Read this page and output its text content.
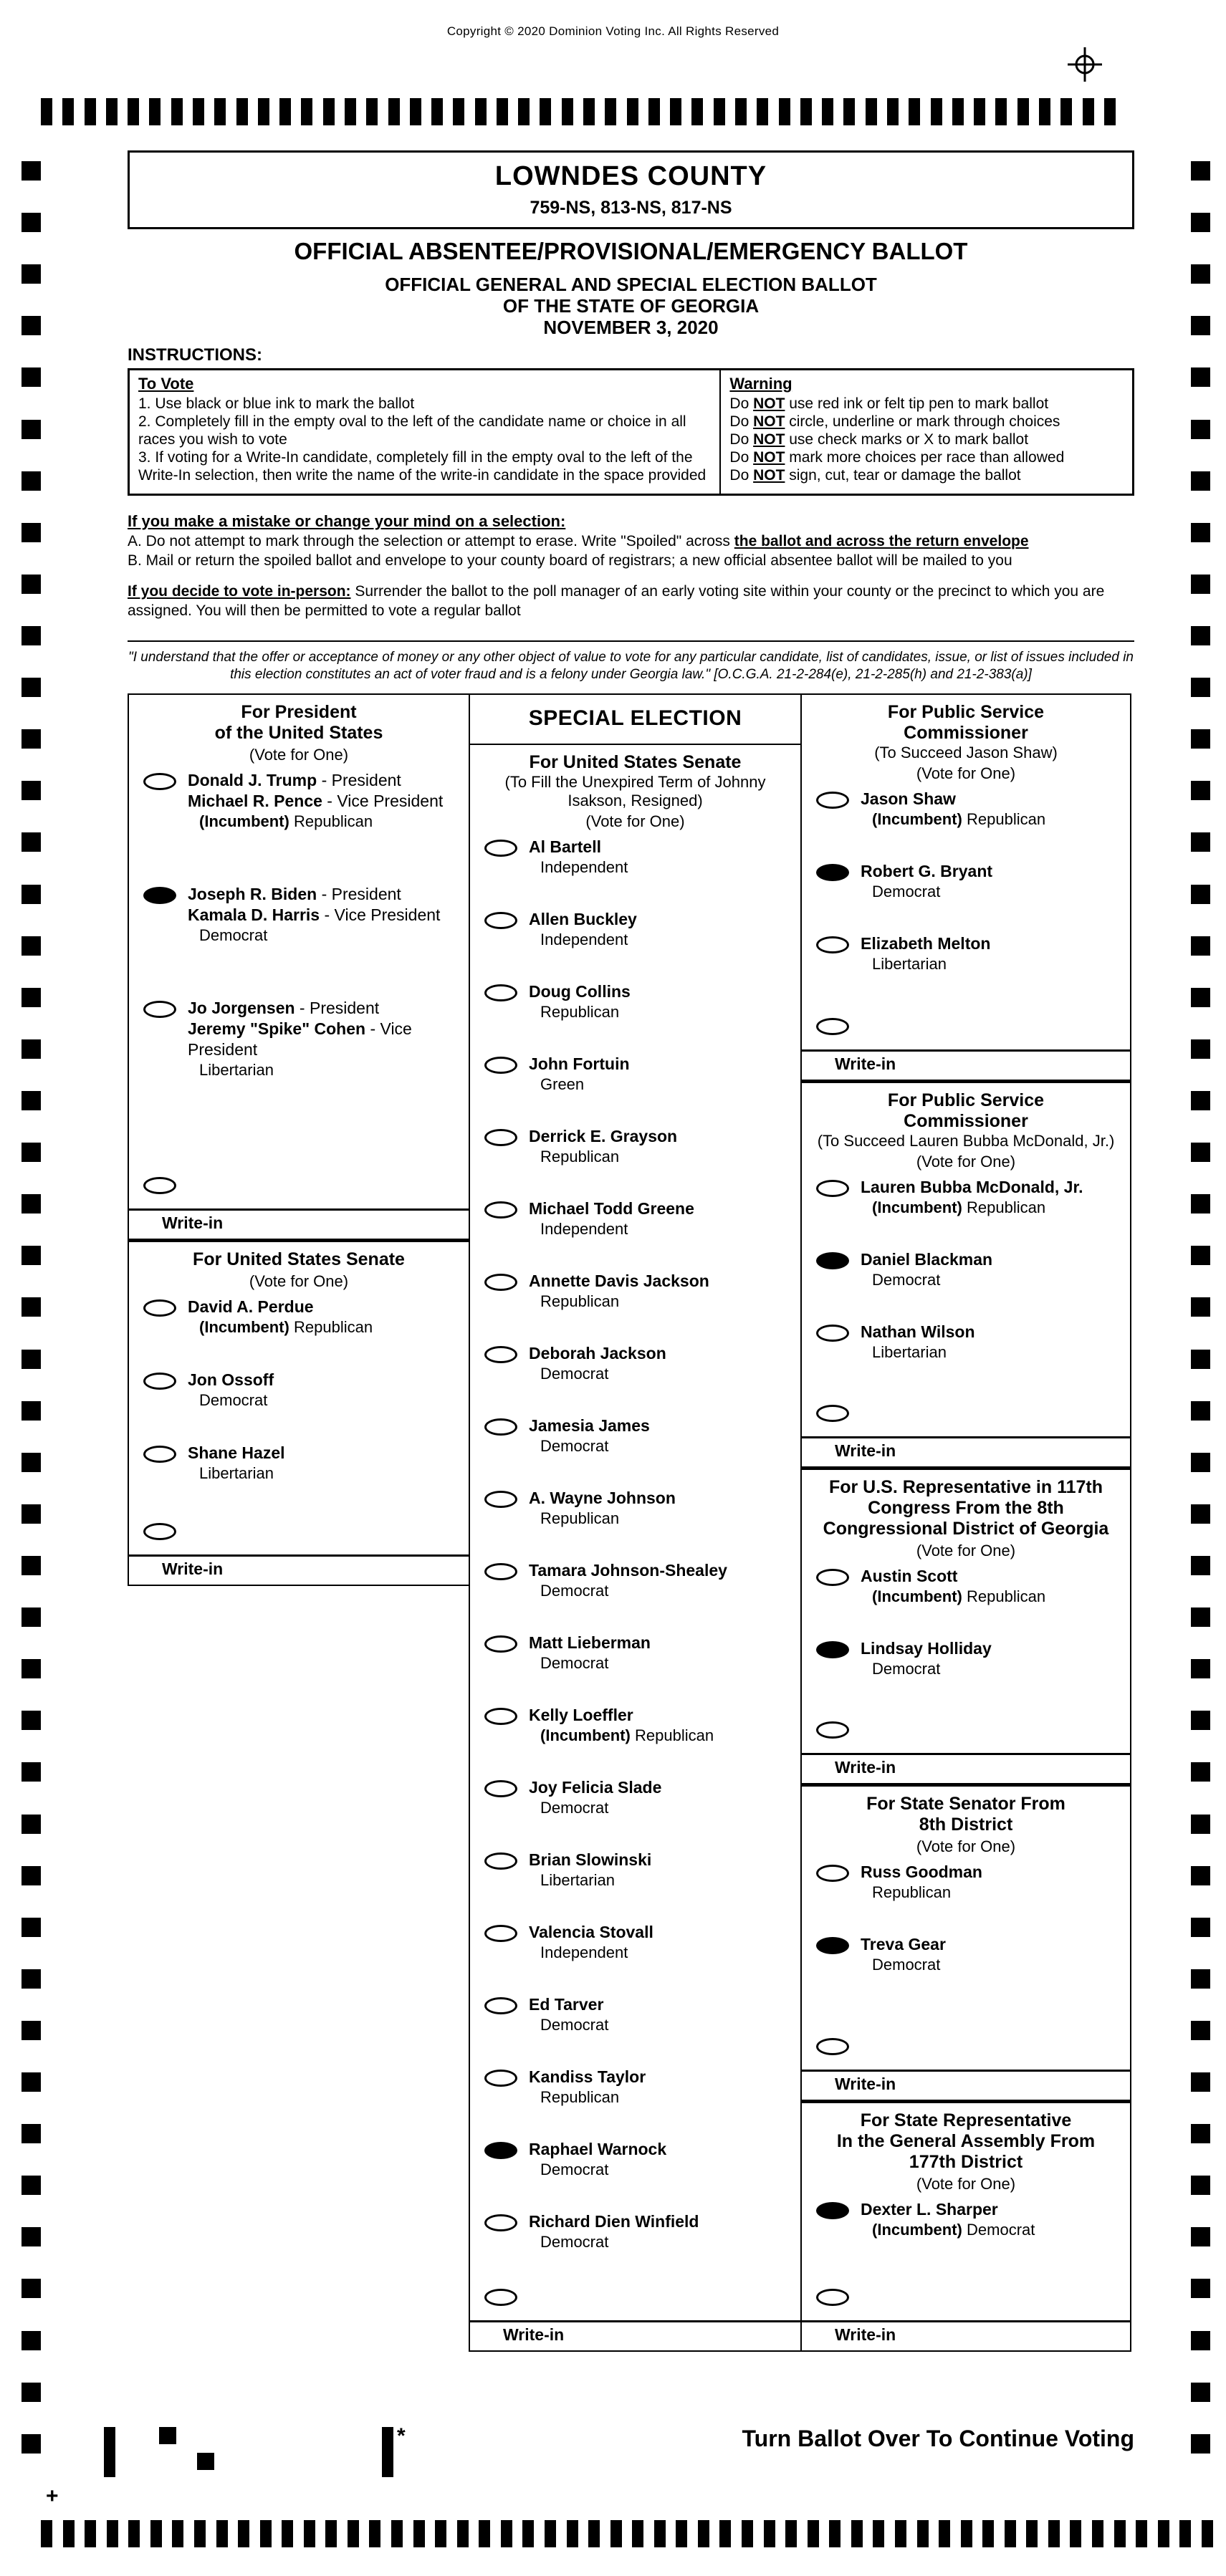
Copyright © 2020 Dominion Voting Inc. All Rights Reserved
LOWNDES COUNTY
759-NS, 813-NS, 817-NS
OFFICIAL ABSENTEE/PROVISIONAL/EMERGENCY BALLOT
OFFICIAL GENERAL AND SPECIAL ELECTION BALLOT
OF THE STATE OF GEORGIA
NOVEMBER 3, 2020
INSTRUCTIONS:
To Vote
1. Use black or blue ink to mark the ballot
2. Completely fill in the empty oval to the left of the candidate name or choice in all races you wish to vote
3. If voting for a Write-In candidate, completely fill in the empty oval to the left of the Write-In selection, then write the name of the write-in candidate in the space provided
Warning
Do NOT use red ink or felt tip pen to mark ballot
Do NOT circle, underline or mark through choices
Do NOT use check marks or X to mark ballot
Do NOT mark more choices per race than allowed
Do NOT sign, cut, tear or damage the ballot
If you make a mistake or change your mind on a selection:
A. Do not attempt to mark through the selection or attempt to erase. Write "Spoiled" across the ballot and across the return envelope
B. Mail or return the spoiled ballot and envelope to your county board of registrars; a new official absentee ballot will be mailed to you
If you decide to vote in-person: Surrender the ballot to the poll manager of an early voting site within your county or the precinct to which you are assigned. You will then be permitted to vote a regular ballot
"I understand that the offer or acceptance of money or any other object of value to vote for any particular candidate, list of candidates, issue, or list of issues included in this election constitutes an act of voter fraud and is a felony under Georgia law." [O.C.G.A. 21-2-284(e), 21-2-285(h) and 21-2-383(a)]
For President
of the United States
(Vote for One)
Donald J. Trump - President
Michael R. Pence - Vice President
(Incumbent) Republican
Joseph R. Biden - President
Kamala D. Harris - Vice President
Democrat
Jo Jorgensen - President
Jeremy "Spike" Cohen - Vice President
Libertarian
Write-in
For United States Senate
(Vote for One)
David A. Perdue
(Incumbent) Republican
Jon Ossoff
Democrat
Shane Hazel
Libertarian
Write-in
SPECIAL ELECTION
For United States Senate
(To Fill the Unexpired Term of Johnny
Isakson, Resigned)
(Vote for One)
Al Bartell
Independent
Allen Buckley
Independent
Doug Collins
Republican
John Fortuin
Green
Derrick E. Grayson
Republican
Michael Todd Greene
Independent
Annette Davis Jackson
Republican
Deborah Jackson
Democrat
Jamesia James
Democrat
A. Wayne Johnson
Republican
Tamara Johnson-Shealey
Democrat
Matt Lieberman
Democrat
Kelly Loeffler
(Incumbent) Republican
Joy Felicia Slade
Democrat
Brian Slowinski
Libertarian
Valencia Stovall
Independent
Ed Tarver
Democrat
Kandiss Taylor
Republican
Raphael Warnock
Democrat
Richard Dien Winfield
Democrat
Write-in
For Public Service
Commissioner
(To Succeed Jason Shaw)
(Vote for One)
Jason Shaw
(Incumbent) Republican
Robert G. Bryant
Democrat
Elizabeth Melton
Libertarian
Write-in
For Public Service
Commissioner
(To Succeed Lauren Bubba McDonald, Jr.)
(Vote for One)
Lauren Bubba McDonald, Jr.
(Incumbent) Republican
Daniel Blackman
Democrat
Nathan Wilson
Libertarian
Write-in
For U.S. Representative in 117th
Congress From the 8th
Congressional District of Georgia
(Vote for One)
Austin Scott
(Incumbent) Republican
Lindsay Holliday
Democrat
Write-in
For State Senator From
8th District
(Vote for One)
Russ Goodman
Republican
Treva Gear
Democrat
Write-in
For State Representative
In the General Assembly From
177th District
(Vote for One)
Dexter L. Sharper
(Incumbent) Democrat
Write-in
Turn Ballot Over To Continue Voting
*
+
